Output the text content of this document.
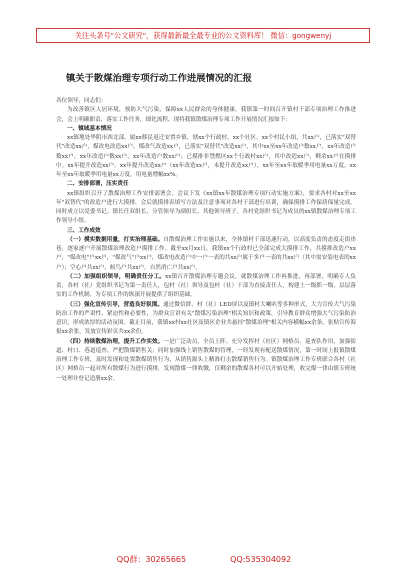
关注头条号"公文研究"，获得最新最全最专业的公文资料库！ 微信：gongwenyj
镇关于散煤治理专项行动工作进展情况的汇报
各位领导，同志们：
为改善镇区人居环境，预防大气污染，保障xx人民群众的身体健康，我镇第一时间召开镇村干部专项治理工作推进会，会上明确职责，落实工作任务，细化流程，现将我镇散煤治理专项工作开展情况汇报如下：
一、镇域基本情况
xx镇地处华阴市西北部，属xx移民返迁安置乡镇，辖xx个行政村，xx个社区，xx个村民小组，共xx户，已落实"双替代"改造xx户，煤改电改造xx户，煤改气改造xx户，已落实"双替代"改造xx户，其中xx至xx年改造户数xx户，xx年改造户数xx户，xx年改造户数xx户，xx年改造户数xx户；已摸排非禁燃区xx个行政村xx户，其中改造xx户，剩余xx户在摸排中。xx年提升改造xx户，xx年提升改造xx户（xx年改造xx户，未提升改造xx户）。xx年至xx年取暖季用电量xx万度，xx年至xx年取暖季用电量xx万度，用电量增幅xx%。
二、安排部署，压实责任
xx镇组织召开了散煤治理工作安排部署会，会议下发《xx镇xx年散煤治理专项行动实施方案》，要求各村对xx至xx年"双替代"的改造户进行大摸排，会后就摸排表填写方法及注意事项对各村干部进行培训，确保摸排工作保质保量完成。同时成立以党委书记、镇长任双组长，分管领导为副组长，其他领导班子、各村党组织书记为成员的xx镇散煤治理专项工作领导小组。
三、工作成效
（一）摸实数据用量，打实治理基础。自散煤治理工作实施以来，全体镇村干部迅速行动，以高度负责的态度走街串巷，逐家逐户开展散煤治理改造户摸排工作。截至xx月xx日，我镇xx个行政村已全部完成大摸排工作，共摸排改造户xx户，"煤改电"户xx户，"煤改气"户xx户，煤改电改造户中一户一表的共xx户属于多户一表的共xx户（其中需安装电表的xx户）；空心户共xx户，候鸟户共xx户，自然消亡户共xx户。
（二）加强组织领导，明确责任分工。xx镇召开散煤治理专题会议，就散煤治理工作再推进，再部署，明确专人负责，各村（社）党组织书记为第一责任人，包村（社）领导及包村（社）干部为直接责任人，构建上一级抓一级，层层落实的工作机制，为专项工作的纵深开展提供了组织基础。
（三）强化宣传引导，营造良好氛围。通过微信群、村（社）LED屏以及镇村大喇叭等多种形式，大力宣传大气污染防治工作的严肃性、紧迫性和必要性，为群众宣讲有关"散煤污染治理"相关知识和政策，引导教育群众增强大气污染防治意识，形成浓厚的活动氛围。截止目前，我镇xx村xx社区及镇区企业共悬挂"散煤治理"相关内容横幅xx余条，张贴宣传海报xx余张，发放宣传彩页共xx余份。
（四）持续散煤治理，提升工作实效。一是广泛动员，全员上阵。充分发挥村（社区）网格员、巡查队作用，加强街道、村口、巷道巡查，严把散煤销售关；同时加强线上销售散煤的管理，一经发现有配送散煤情况，第一时间上报镇散煤治理工作专班，及时发现和处置散煤销售行为，从销售源头上精准打击散煤销售行为。镇散煤治理工作专班联合各村（社区）网格员一起对所有散煤行为进行摸排，发现散煤一律收缴，仅剩余的散煤各村可以开始处理，收完煤一律由镇专班统一处理并登记造册xx余。
QQ群：30265665	QQ:535304092
